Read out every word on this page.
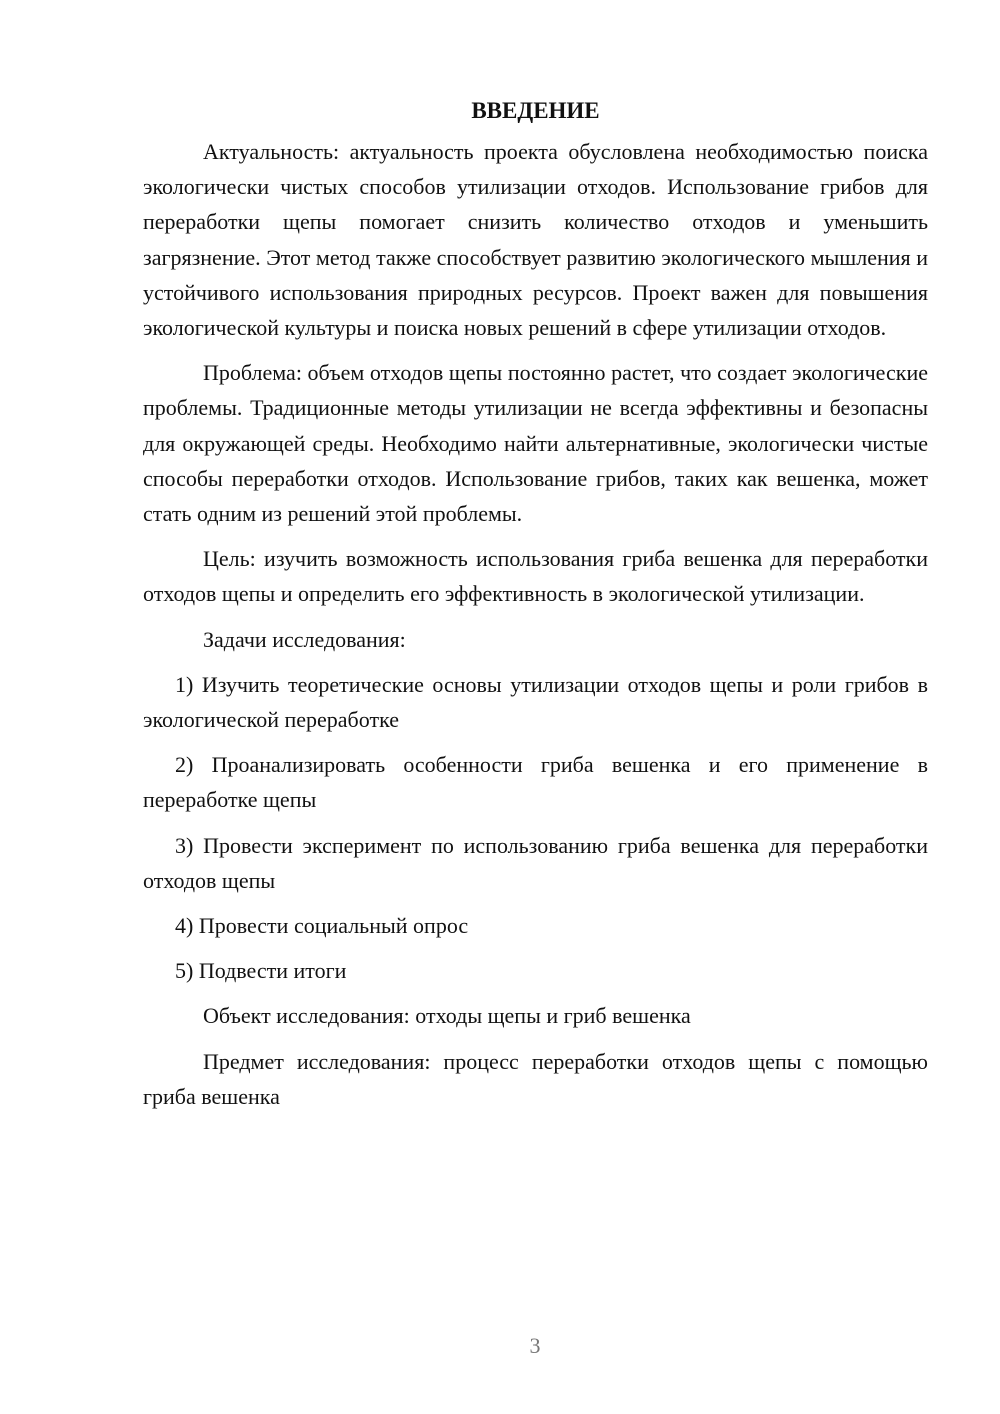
ВВЕДЕНИЕ

Актуальность: актуальность проекта обусловлена необходимостью поиска экологически чистых способов утилизации отходов. Использование грибов для переработки щепы помогает снизить количество отходов и уменьшить загрязнение. Этот метод также способствует развитию экологического мышления и устойчивого использования природных ресурсов. Проект важен для повышения экологической культуры и поиска новых решений в сфере утилизации отходов.

Проблема: объем отходов щепы постоянно растет, что создает экологические проблемы. Традиционные методы утилизации не всегда эффективны и безопасны для окружающей среды. Необходимо найти альтернативные, экологически чистые способы переработки отходов. Использование грибов, таких как вешенка, может стать одним из решений этой проблемы.

Цель: изучить возможность использования гриба вешенка для переработки отходов щепы и определить его эффективность в экологической утилизации.

Задачи исследования:

1) Изучить теоретические основы утилизации отходов щепы и роли грибов в экологической переработке

2) Проанализировать особенности гриба вешенка и его применение в переработке щепы

3) Провести эксперимент по использованию гриба вешенка для переработки отходов щепы

4) Провести социальный опрос

5) Подвести итоги

Объект исследования: отходы щепы и гриб вешенка

Предмет исследования: процесс переработки отходов щепы с помощью гриба вешенка

3
